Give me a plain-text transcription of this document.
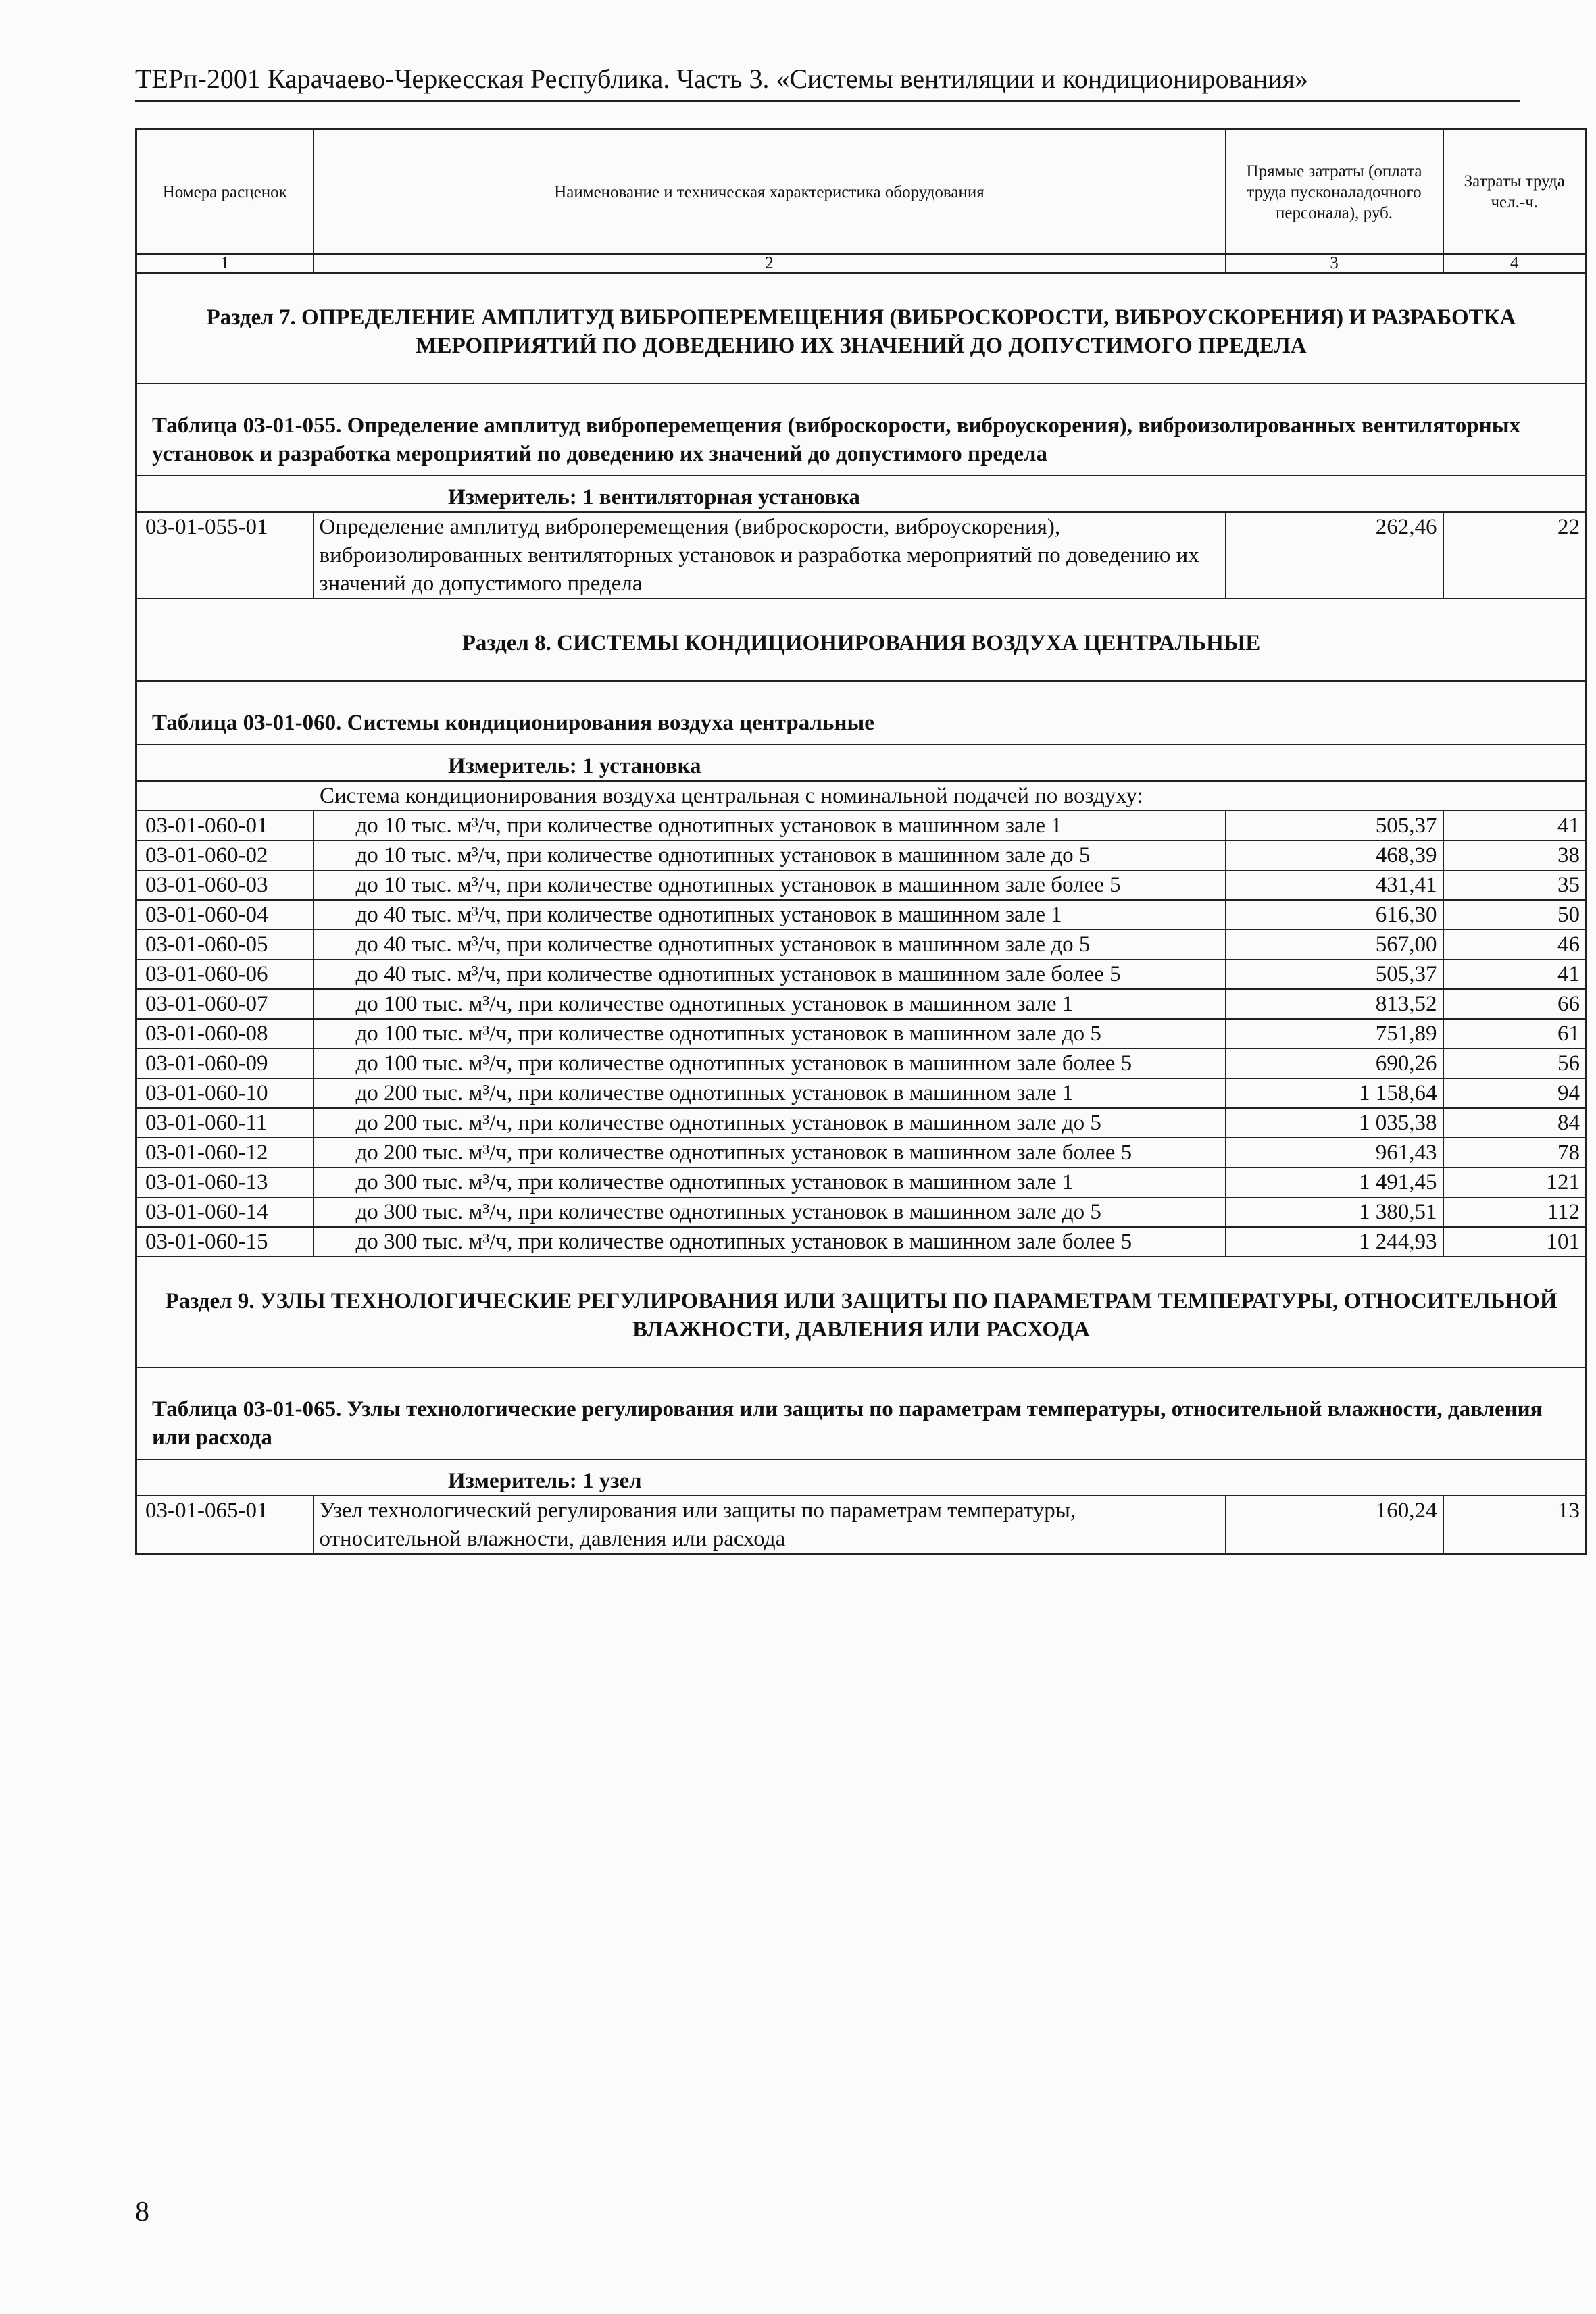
ТЕРп-2001 Карачаево-Черкесская Республика. Часть 3. «Системы вентиляции и кондиционирования»
Номера расценок	Наименование и техническая характеристика оборудования	Прямые затраты (оплата труда пусконаладочного персонала), руб.	Затраты труда чел.-ч.
1	2	3	4
Раздел 7. ОПРЕДЕЛЕНИЕ АМПЛИТУД ВИБРОПЕРЕМЕЩЕНИЯ (ВИБРОСКОРОСТИ, ВИБРОУСКОРЕНИЯ) И РАЗРАБОТКА МЕРОПРИЯТИЙ ПО ДОВЕДЕНИЮ ИХ ЗНАЧЕНИЙ ДО ДОПУСТИМОГО ПРЕДЕЛА			
Таблица 03-01-055. Определение амплитуд виброперемещения (виброскорости, виброускорения), виброизолированных вентиляторных установок и разработка мероприятий по доведению их значений до допустимого предела			
Измеритель: 1 вентиляторная установка			
03-01-055-01	Определение амплитуд виброперемещения (виброскорости, виброускорения), виброизолированных вентиляторных установок и разработка мероприятий по доведению их значений до допустимого предела	262,46	22
Раздел 8. СИСТЕМЫ КОНДИЦИОНИРОВАНИЯ ВОЗДУХА ЦЕНТРАЛЬНЫЕ			
Таблица 03-01-060. Системы кондиционирования воздуха центральные			
Измеритель: 1 установка			
Система кондиционирования воздуха центральная с номинальной подачей по воздуху:			
03-01-060-01	до 10 тыс. м³/ч, при количестве однотипных установок в машинном зале 1	505,37	41
03-01-060-02	до 10 тыс. м³/ч, при количестве однотипных установок в машинном зале до 5	468,39	38
03-01-060-03	до 10 тыс. м³/ч, при количестве однотипных установок в машинном зале более 5	431,41	35
03-01-060-04	до 40 тыс. м³/ч, при количестве однотипных установок в машинном зале 1	616,30	50
03-01-060-05	до 40 тыс. м³/ч, при количестве однотипных установок в машинном зале до 5	567,00	46
03-01-060-06	до 40 тыс. м³/ч, при количестве однотипных установок в машинном зале более 5	505,37	41
03-01-060-07	до 100 тыс. м³/ч, при количестве однотипных установок в машинном зале 1	813,52	66
03-01-060-08	до 100 тыс. м³/ч, при количестве однотипных установок в машинном зале до 5	751,89	61
03-01-060-09	до 100 тыс. м³/ч, при количестве однотипных установок в машинном зале более 5	690,26	56
03-01-060-10	до 200 тыс. м³/ч, при количестве однотипных установок в машинном зале 1	1 158,64	94
03-01-060-11	до 200 тыс. м³/ч, при количестве однотипных установок в машинном зале до 5	1 035,38	84
03-01-060-12	до 200 тыс. м³/ч, при количестве однотипных установок в машинном зале более 5	961,43	78
03-01-060-13	до 300 тыс. м³/ч, при количестве однотипных установок в машинном зале 1	1 491,45	121
03-01-060-14	до 300 тыс. м³/ч, при количестве однотипных установок в машинном зале до 5	1 380,51	112
03-01-060-15	до 300 тыс. м³/ч, при количестве однотипных установок в машинном зале более 5	1 244,93	101
Раздел 9. УЗЛЫ ТЕХНОЛОГИЧЕСКИЕ РЕГУЛИРОВАНИЯ ИЛИ ЗАЩИТЫ ПО ПАРАМЕТРАМ ТЕМПЕРАТУРЫ, ОТНОСИТЕЛЬНОЙ ВЛАЖНОСТИ, ДАВЛЕНИЯ ИЛИ РАСХОДА			
Таблица 03-01-065. Узлы технологические регулирования или защиты по параметрам температуры, относительной влажности, давления или расхода			
Измеритель: 1 узел			
03-01-065-01	Узел технологический регулирования или защиты по параметрам температуры, относительной влажности, давления или расхода	160,24	13
8
